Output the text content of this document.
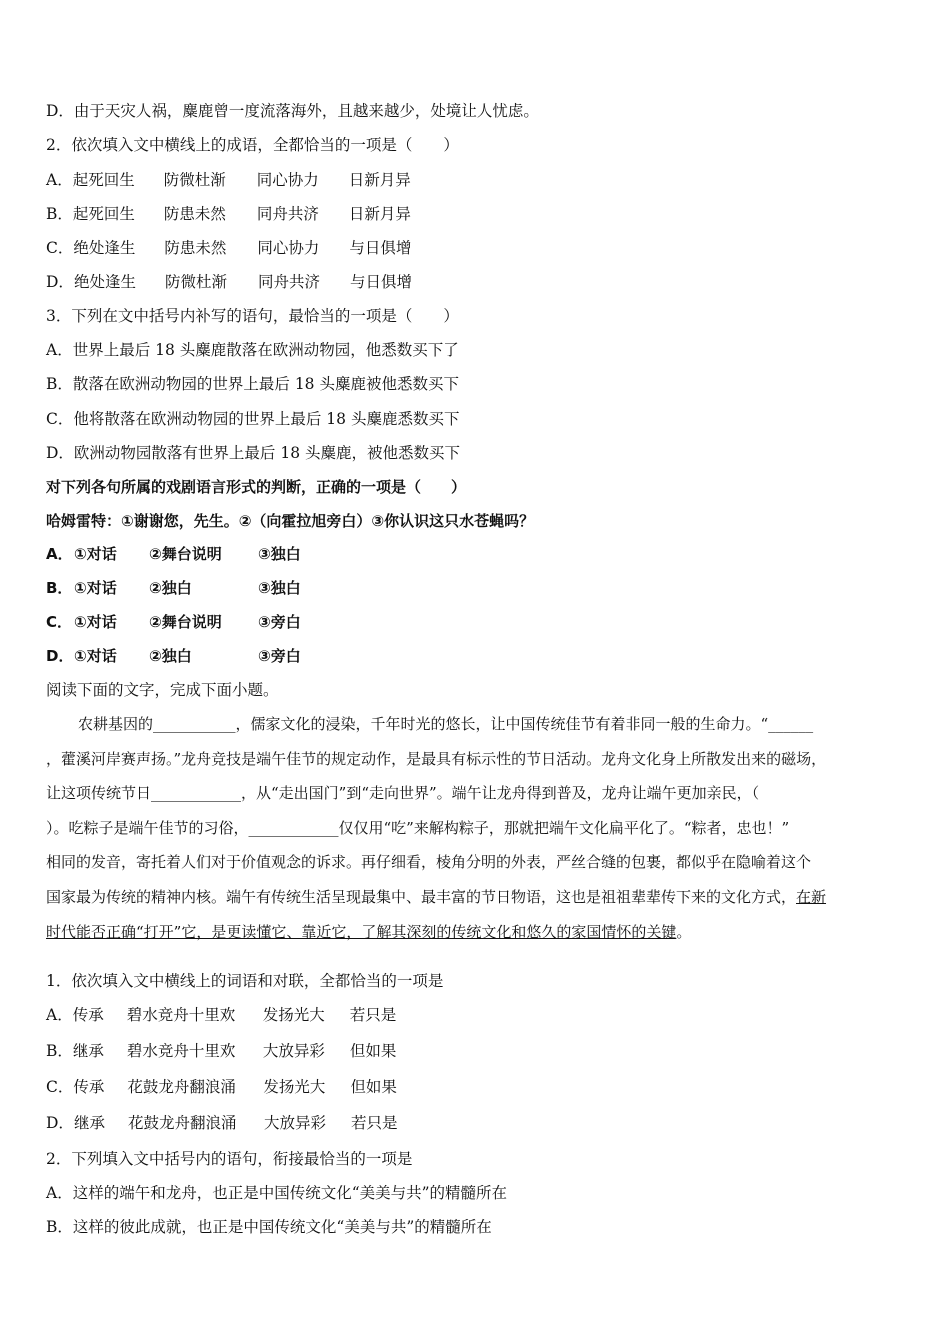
D．由于天灾人祸，麋鹿曾一度流落海外，且越来越少，处境让人忧虑。
2．依次填入文中横线上的成语，全都恰当的一项是（　　）
A．起死回生 防微杜渐 同心协力 日新月异
B．起死回生 防患未然 同舟共济 日新月异
C．绝处逢生 防患未然 同心协力 与日俱增
D．绝处逢生 防微杜渐 同舟共济 与日俱增
3．下列在文中括号内补写的语句，最恰当的一项是（　　）
A．世界上最后 18 头麋鹿散落在欧洲动物园，他悉数买下了
B．散落在欧洲动物园的世界上最后 18 头麋鹿被他悉数买下
C．他将散落在欧洲动物园的世界上最后 18 头麋鹿悉数买下
D．欧洲动物园散落有世界上最后 18 头麋鹿，被他悉数买下
对下列各句所属的戏剧语言形式的判断，正确的一项是（　　）
哈姆雷特：①谢谢您，先生。②（向霍拉旭旁白）③你认识这只水苍蝇吗？
A．①对话 ②舞台说明 ③独白
B． ①对话 ②独白	③独白
C． ①对话 ②舞台说明 ③旁白
D．①对话 ②独白	③旁白
阅读下面的文字，完成下面小题。

农耕基因的___________，儒家文化的浸染，千年时光的悠长，让中国传统佳节有着非同一般的生命力。“______

，藿溪河岸赛声扬。”龙舟竞技是端午佳节的规定动作，是最具有标示性的节日活动。龙舟文化身上所散发出来的磁场，

让这项传统节日____________，从“走出国门”到“走向世界”。端午让龙舟得到普及，龙舟让端午更加亲民，（

）。吃粽子是端午佳节的习俗，____________仅仅用“吃”来解构粽子，那就把端午文化扁平化了。“粽者，忠也！”

相同的发音，寄托着人们对于价值观念的诉求。再仔细看，棱角分明的外表，严丝合缝的包裹，都似乎在隐喻着这个

国家最为传统的精神内核。端午有传统生活呈现最集中、最丰富的节日物语，这也是祖祖辈辈传下来的文化方式，在新

时代能否正确“打开”它，是更读懂它、靠近它，了解其深刻的传统文化和悠久的家国情怀的关键。

1．依次填入文中横线上的词语和对联，全都恰当的一项是
A．传承 碧水竞舟十里欢 发扬光大 若只是
B．继承 碧水竞舟十里欢 大放异彩 但如果
C．传承 花鼓龙舟翻浪涌 发扬光大 但如果
D．继承 花鼓龙舟翻浪涌 大放异彩 若只是
2．下列填入文中括号内的语句，衔接最恰当的一项是
A．这样的端午和龙舟，也正是中国传统文化“美美与共”的精髓所在
B．这样的彼此成就，也正是中国传统文化“美美与共”的精髓所在
